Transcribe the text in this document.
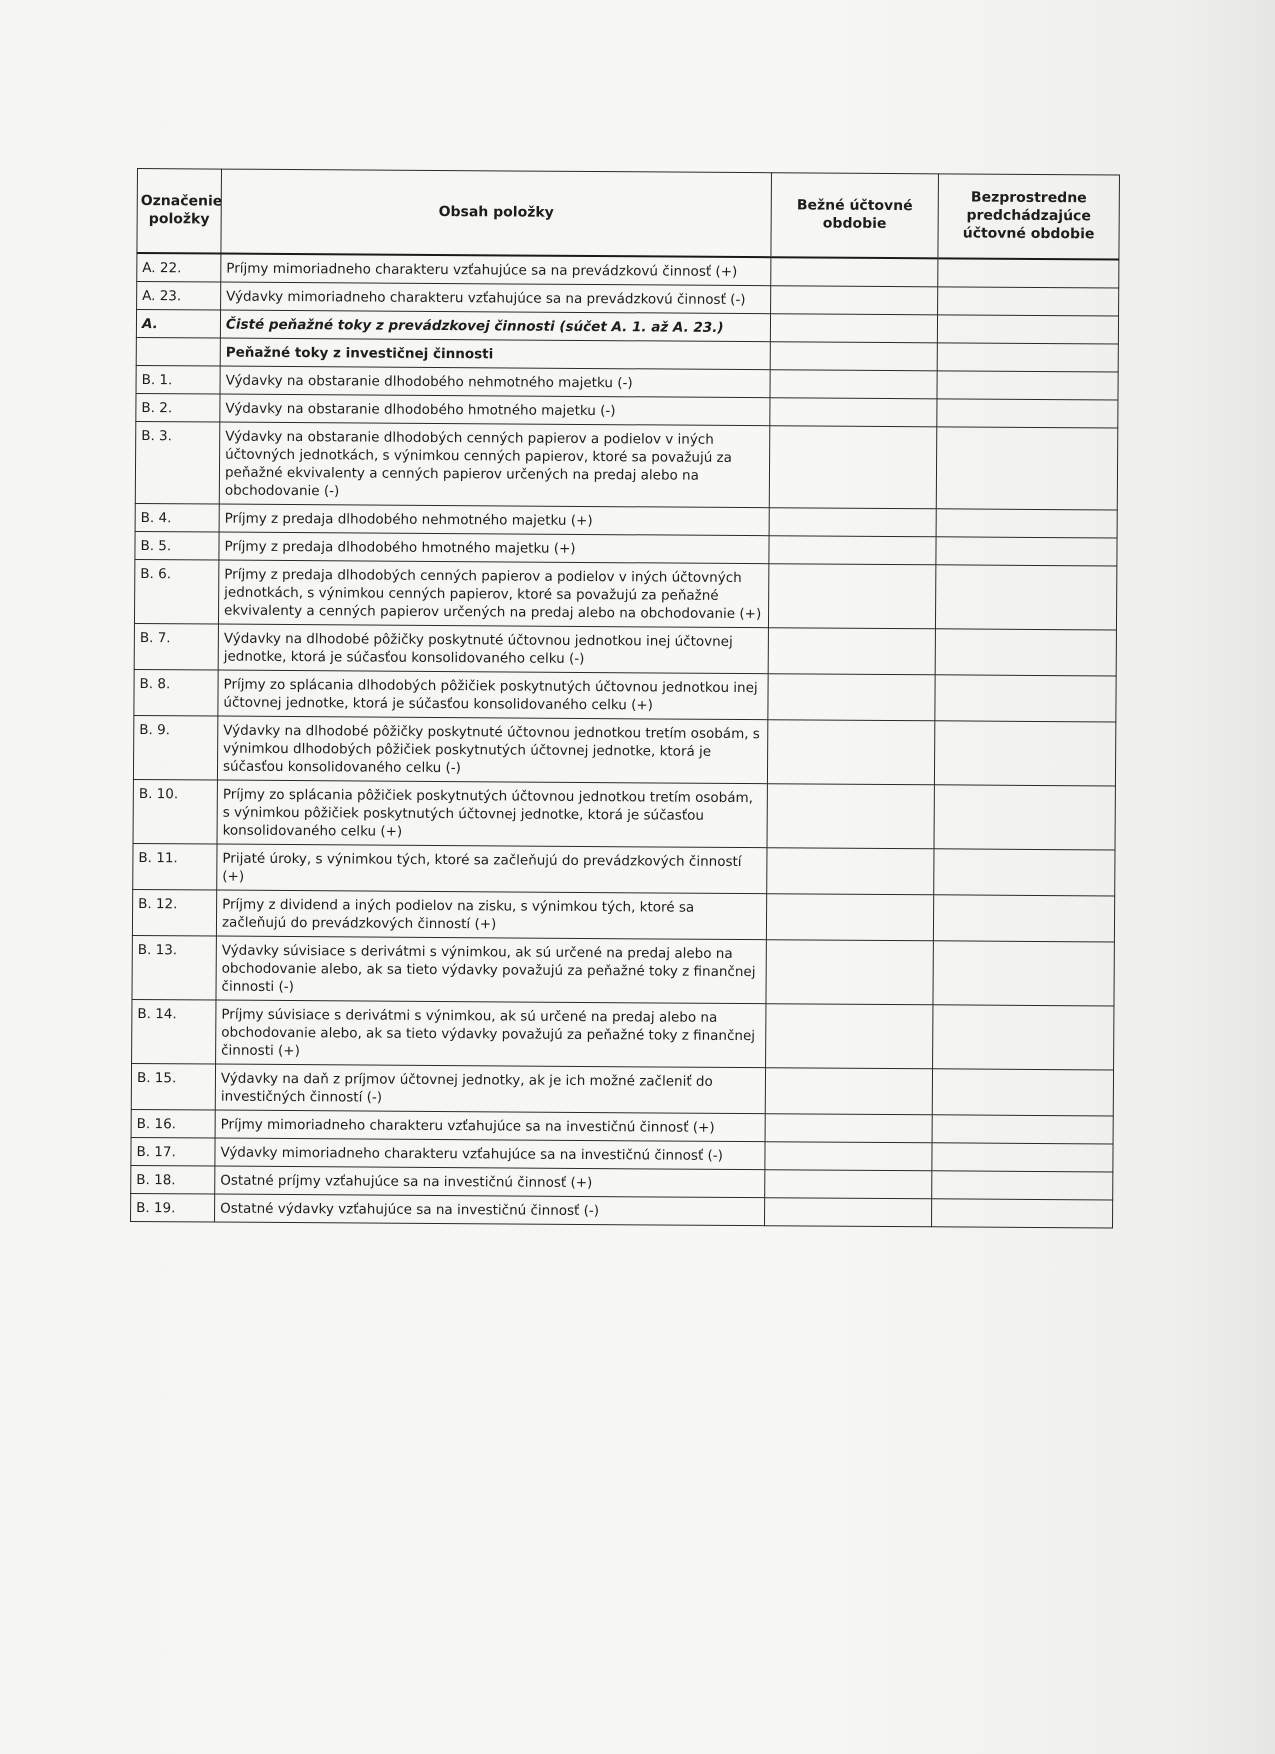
Označenie položky	Obsah položky	Bežné účtovné obdobie	Bezprostredne predchádzajúce účtovné obdobie
A. 22.	Príjmy mimoriadneho charakteru vzťahujúce sa na prevádzkovú činnosť (+)		
A. 23.	Výdavky mimoriadneho charakteru vzťahujúce sa na prevádzkovú činnosť (-)		
A.	Čisté peňažné toky z prevádzkovej činnosti (súčet A. 1. až A. 23.)		
	Peňažné toky z investičnej činnosti		
B. 1.	Výdavky na obstaranie dlhodobého nehmotného majetku (-)		
B. 2.	Výdavky na obstaranie dlhodobého hmotného majetku (-)		
B. 3.	Výdavky na obstaranie dlhodobých cenných papierov a podielov v iných účtovných jednotkách, s výnimkou cenných papierov, ktoré sa považujú za peňažné ekvivalenty a cenných papierov určených na predaj alebo na obchodovanie (-)		
B. 4.	Príjmy z predaja dlhodobého nehmotného majetku (+)		
B. 5.	Príjmy z predaja dlhodobého hmotného majetku (+)		
B. 6.	Príjmy z predaja dlhodobých cenných papierov a podielov v iných účtovných jednotkách, s výnimkou cenných papierov, ktoré sa považujú za peňažné ekvivalenty a cenných papierov určených na predaj alebo na obchodovanie (+)		
B. 7.	Výdavky na dlhodobé pôžičky poskytnuté účtovnou jednotkou inej účtovnej jednotke, ktorá je súčasťou konsolidovaného celku (-)		
B. 8.	Príjmy zo splácania dlhodobých pôžičiek poskytnutých účtovnou jednotkou inej účtovnej jednotke, ktorá je súčasťou konsolidovaného celku (+)		
B. 9.	Výdavky na dlhodobé pôžičky poskytnuté účtovnou jednotkou tretím osobám, s výnimkou dlhodobých pôžičiek poskytnutých účtovnej jednotke, ktorá je súčasťou konsolidovaného celku (-)		
B. 10.	Príjmy zo splácania pôžičiek poskytnutých účtovnou jednotkou tretím osobám, s výnimkou pôžičiek poskytnutých účtovnej jednotke, ktorá je súčasťou konsolidovaného celku (+)		
B. 11.	Prijaté úroky, s výnimkou tých, ktoré sa začleňujú do prevádzkových činností (+)		
B. 12.	Príjmy z dividend a iných podielov na zisku, s výnimkou tých, ktoré sa začleňujú do prevádzkových činností (+)		
B. 13.	Výdavky súvisiace s derivátmi s výnimkou, ak sú určené na predaj alebo na obchodovanie alebo, ak sa tieto výdavky považujú za peňažné toky z finančnej činnosti (-)		
B. 14.	Príjmy súvisiace s derivátmi s výnimkou, ak sú určené na predaj alebo na obchodovanie alebo, ak sa tieto výdavky považujú za peňažné toky z finančnej činnosti (+)		
B. 15.	Výdavky na daň z príjmov účtovnej jednotky, ak je ich možné začleniť do investičných činností (-)		
B. 16.	Príjmy mimoriadneho charakteru vzťahujúce sa na investičnú činnosť (+)		
B. 17.	Výdavky mimoriadneho charakteru vzťahujúce sa na investičnú činnosť (-)		
B. 18.	Ostatné príjmy vzťahujúce sa na investičnú činnosť (+)		
B. 19.	Ostatné výdavky vzťahujúce sa na investičnú činnosť (-)		
